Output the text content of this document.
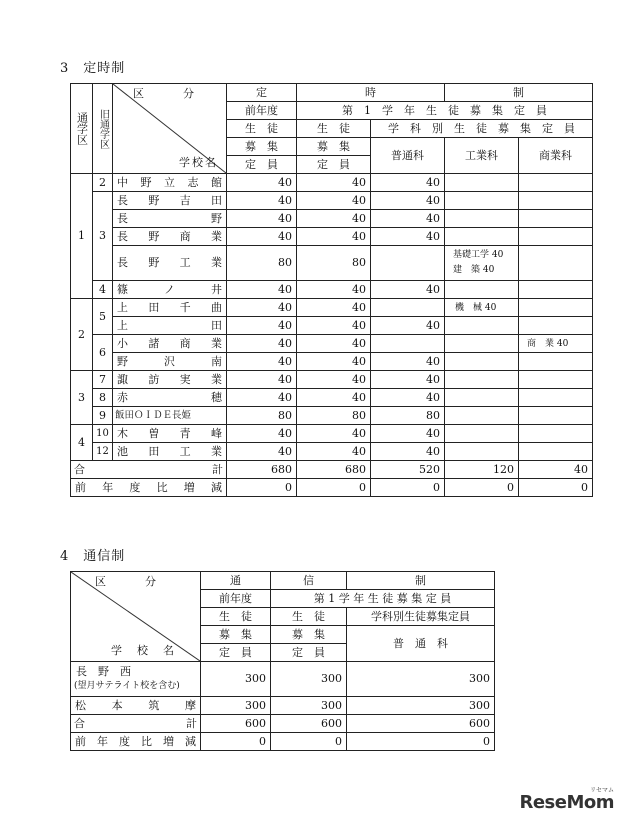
3　定時制
通学区	旧通学区	区　分
学校名	定	時		制	
			前年度	第　1　学　年　生　徒　募　集　定　員			
			生　徒	生　徒	学　科　別　生　徒　募　集　定　員		
			募　集	募　集	普通科	工業科	商業科
			定　員	定　員			
1	2	中野立志館	40	40	40		
	3	長野吉田	40	40	40		
		長　　野	40	40	40		
		長野商業	40	40	40		
		長野工業	80	80		基礎工学 40
建　築 40	

	4	篠ノ井	40	40	40		
2	5	上田千曲	40	40		機　械 40	
		上　　田	40	40	40		
	6	小諸商業	40	40			商　業 40
		野沢南	40	40	40		
3	7	諏訪実業	40	40	40		
	8	赤　　穂	40	40	40		
	9	飯田ＯＩＤＥ長姫	80	80	80		
4	10	木曽青峰	40	40	40		
	12	池田工業	40	40	40		
合 計			680	680	520	120	40
前年度比増減			0	0	0	0	0
4　通信制
区　分
学　校　名	通	信	制
	前年度	第 1 学 年 生 徒 募 集 定 員	
	生　徒	生　徒	学科別生徒募集定員
	募　集	募　集	普　通　科
	定　員	定　員	

長　野　西
(望月サテライト校を含む)	300	300	300
松　本　筑　摩	300	300	300
合 計	600	600	600
前年度比増減	0	0	0
リセマム
ReseMom
